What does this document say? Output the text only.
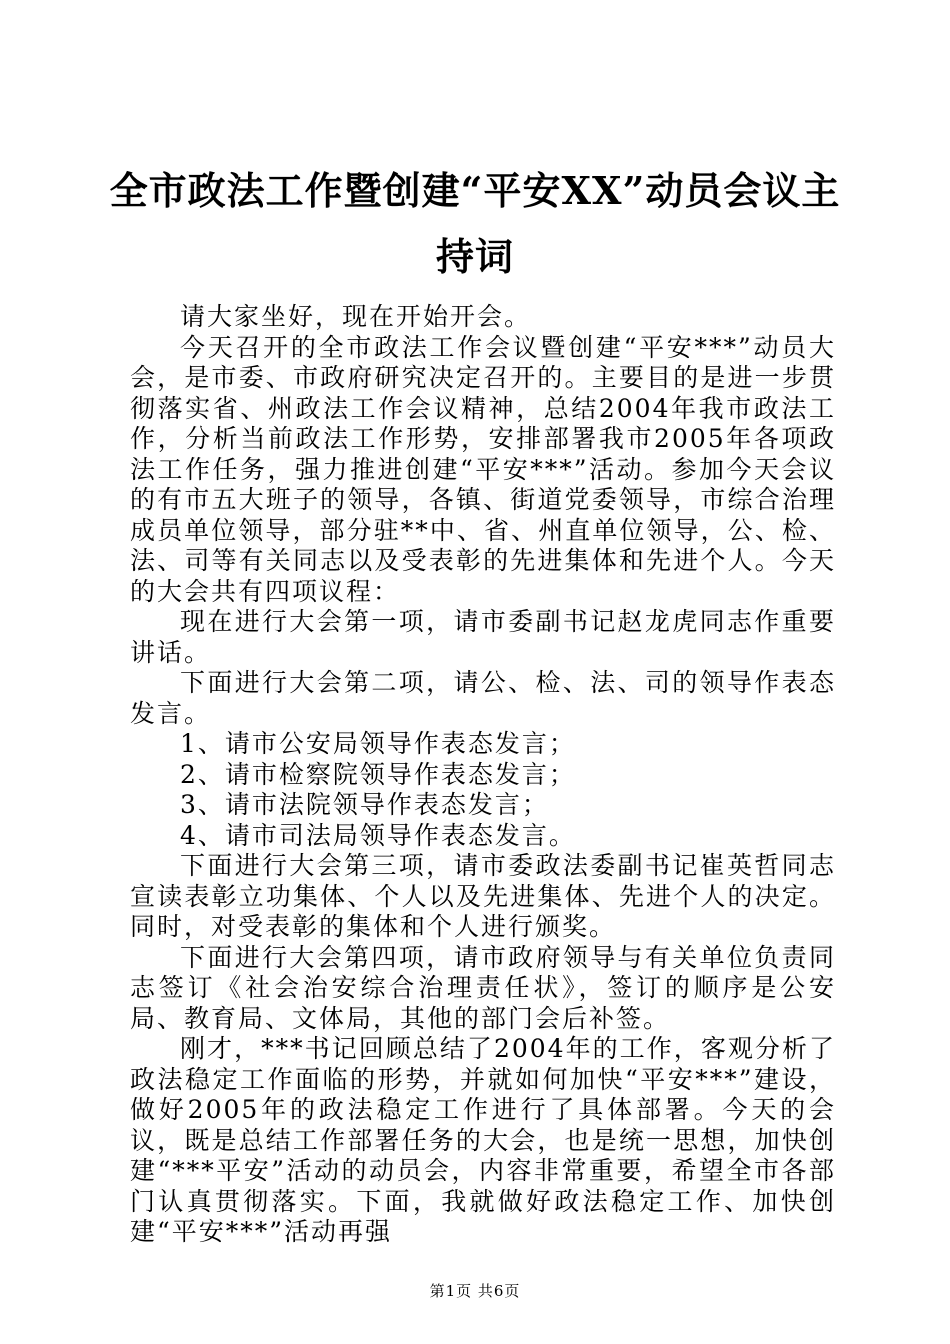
全市政法工作暨创建“平安XX”动员会议主持词

请大家坐好，现在开始开会。

今天召开的全市政法工作会议暨创建“平安***”动员大会，是市委、市政府研究决定召开的。主要目的是进一步贯彻落实省、州政法工作会议精神，总结2004年我市政法工作，分析当前政法工作形势，安排部署我市2005年各项政法工作任务，强力推进创建“平安***”活动。参加今天会议的有市五大班子的领导，各镇、街道党委领导，市综合治理成员单位领导，部分驻**中、省、州直单位领导，公、检、法、司等有关同志以及受表彰的先进集体和先进个人。今天的大会共有四项议程：

现在进行大会第一项，请市委副书记赵龙虎同志作重要讲话。

下面进行大会第二项，请公、检、法、司的领导作表态发言。

1、请市公安局领导作表态发言；

2、请市检察院领导作表态发言；

3、请市法院领导作表态发言；

4、请市司法局领导作表态发言。

下面进行大会第三项，请市委政法委副书记崔英哲同志宣读表彰立功集体、个人以及先进集体、先进个人的决定。同时，对受表彰的集体和个人进行颁奖。

下面进行大会第四项，请市政府领导与有关单位负责同志签订《社会治安综合治理责任状》，签订的顺序是公安局、教育局、文体局，其他的部门会后补签。

刚才，***书记回顾总结了2004年的工作，客观分析了政法稳定工作面临的形势，并就如何加快“平安***”建设，做好2005年的政法稳定工作进行了具体部署。今天的会议，既是总结工作部署任务的大会，也是统一思想，加快创建“***平安”活动的动员会，内容非常重要，希望全市各部门认真贯彻落实。下面，我就做好政法稳定工作、加快创建“平安***”活动再强

第1页 共6页
